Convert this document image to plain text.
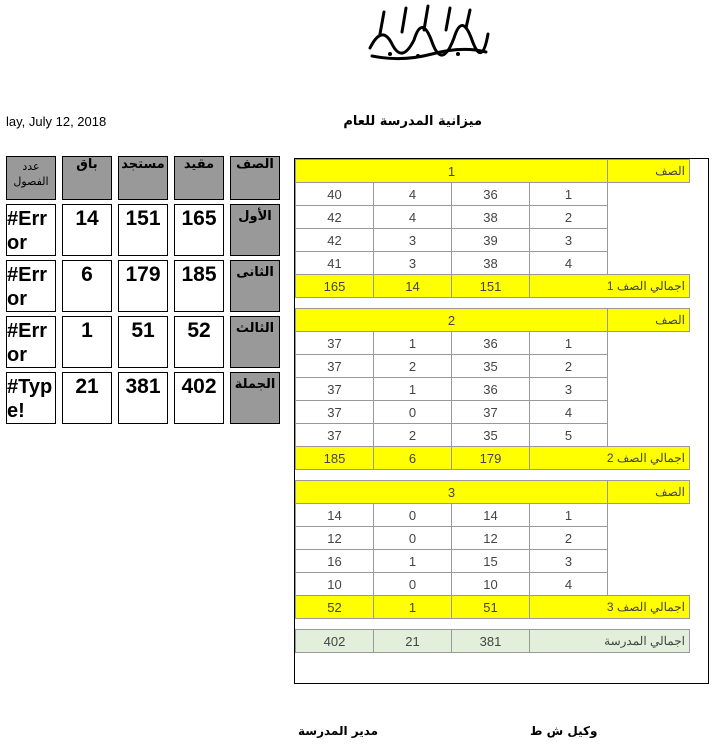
lay, July 12, 2018	ميزانية المدرسة للعام
عدد الفصول	باق	مستجد	مقيد	الصف
#Error	14	151	165	الأول
#Error	6	179	185	الثانى
#Error	1	51	52	الثالث
#Type!	21	381	402	الجملة
1				الصف
40	4	36	1	
42	4	38	2	
42	3	39	3	
41	3	38	4	
165	14	151	اجمالي الصف 1	

2				الصف
37	1	36	1	
37	2	35	2	
37	1	36	3	
37	0	37	4	
37	2	35	5	
185	6	179	اجمالي الصف 2	

3				الصف
14	0	14	1	
12	0	12	2	
16	1	15	3	
10	0	10	4	
52	1	51	اجمالي الصف 3	

402	21	381	اجمالي المدرسة	
مدير المدرسة	وكيل ش ط
